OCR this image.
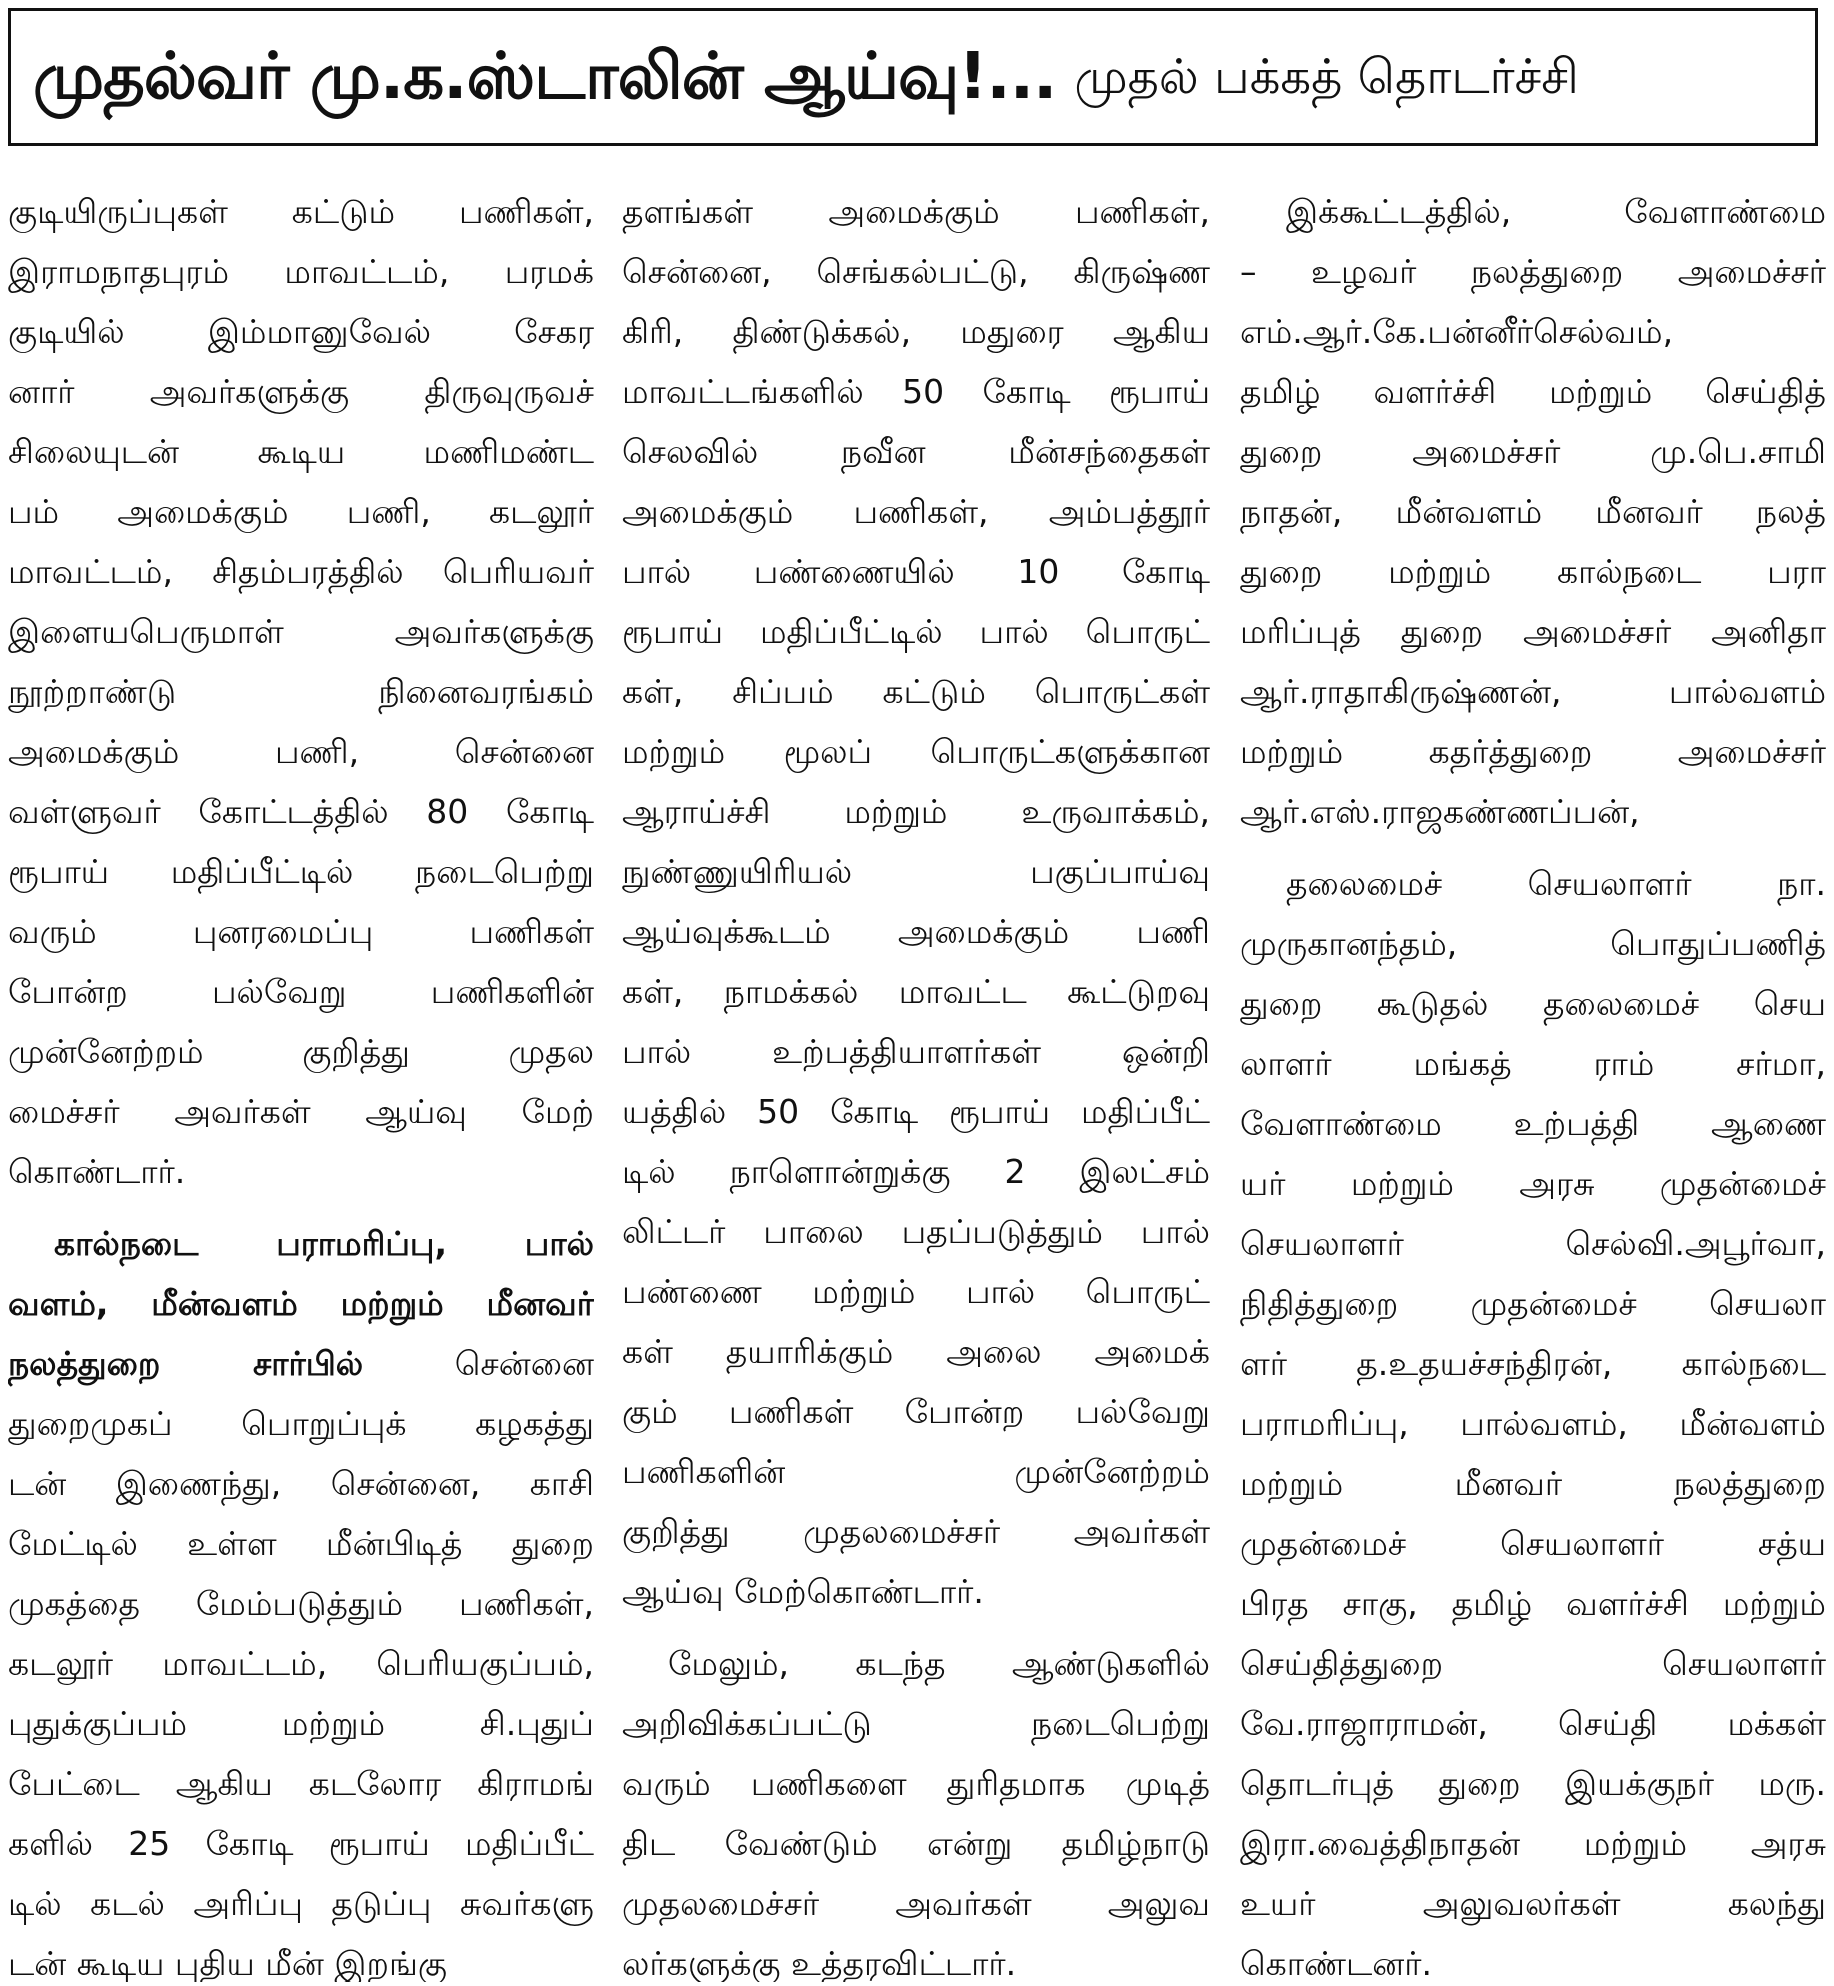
முதல்வர் மு.க.ஸ்டாலின் ஆய்வு!... முதல் பக்கத் தொடர்ச்சி
குடியிருப்புகள் கட்டும் பணிகள்,
இராமநாதபுரம் மாவட்டம், பரமக்
குடியில் இம்மானுவேல் சேகர
னார் அவர்களுக்கு திருவுருவச்
சிலையுடன் கூடிய மணிமண்ட
பம் அமைக்கும் பணி, கடலூர்
மாவட்டம், சிதம்பரத்தில் பெரியவர்
இளையபெருமாள் அவர்களுக்கு
நூற்றாண்டு நினைவரங்கம்
அமைக்கும் பணி, சென்னை
வள்ளுவர் கோட்டத்தில் 80 கோடி
ரூபாய் மதிப்பீட்டில் நடைபெற்று
வரும் புனரமைப்பு பணிகள்
போன்ற பல்வேறு பணிகளின்
முன்னேற்றம் குறித்து முதல
மைச்சர் அவர்கள் ஆய்வு மேற்
கொண்டார்.
கால்நடை பராமரிப்பு, பால்
வளம், மீன்வளம் மற்றும் மீனவர்
நலத்துறை சார்பில் சென்னை
துறைமுகப் பொறுப்புக் கழகத்து
டன் இணைந்து, சென்னை, காசி
மேட்டில் உள்ள மீன்பிடித் துறை
முகத்தை மேம்படுத்தும் பணிகள்,
கடலூர் மாவட்டம், பெரியகுப்பம்,
புதுக்குப்பம் மற்றும் சி.புதுப்
பேட்டை ஆகிய கடலோர கிராமங்
களில் 25 கோடி ரூபாய் மதிப்பீட்
டில் கடல் அரிப்பு தடுப்பு சுவர்களு
டன் கூடிய புதிய மீன் இறங்கு
தளங்கள் அமைக்கும் பணிகள்,
சென்னை, செங்கல்பட்டு, கிருஷ்ண
கிரி, திண்டுக்கல், மதுரை ஆகிய
மாவட்டங்களில் 50 கோடி ரூபாய்
செலவில் நவீன மீன்சந்தைகள்
அமைக்கும் பணிகள், அம்பத்தூர்
பால் பண்ணையில் 10 கோடி
ரூபாய் மதிப்பீட்டில் பால் பொருட்
கள், சிப்பம் கட்டும் பொருட்கள்
மற்றும் மூலப் பொருட்களுக்கான
ஆராய்ச்சி மற்றும் உருவாக்கம்,
நுண்ணுயிரியல் பகுப்பாய்வு
ஆய்வுக்கூடம் அமைக்கும் பணி
கள், நாமக்கல் மாவட்ட கூட்டுறவு
பால் உற்பத்தியாளர்கள் ஒன்றி
யத்தில் 50 கோடி ரூபாய் மதிப்பீட்
டில் நாளொன்றுக்கு 2 இலட்சம்
லிட்டர் பாலை பதப்படுத்தும் பால்
பண்ணை மற்றும் பால் பொருட்
கள் தயாரிக்கும் அலை அமைக்
கும் பணிகள் போன்ற பல்வேறு
பணிகளின் முன்னேற்றம்
குறித்து முதலமைச்சர் அவர்கள்
ஆய்வு மேற்கொண்டார்.
மேலும், கடந்த ஆண்டுகளில்
அறிவிக்கப்பட்டு நடைபெற்று
வரும் பணிகளை துரிதமாக முடித்
திட வேண்டும் என்று தமிழ்நாடு
முதலமைச்சர் அவர்கள் அலுவ
லர்களுக்கு உத்தரவிட்டார்.
இக்கூட்டத்தில், வேளாண்மை
– உழவர் நலத்துறை அமைச்சர்
எம்.ஆர்.கே.பன்னீர்செல்வம்,
தமிழ் வளர்ச்சி மற்றும் செய்தித்
துறை அமைச்சர் மு.பெ.சாமி
நாதன், மீன்வளம் மீனவர் நலத்
துறை மற்றும் கால்நடை பரா
மரிப்புத் துறை அமைச்சர் அனிதா
ஆர்.ராதாகிருஷ்ணன், பால்வளம்
மற்றும் கதர்த்துறை அமைச்சர்
ஆர்.எஸ்.ராஜகண்ணப்பன்,
தலைமைச் செயலாளர் நா.
முருகானந்தம், பொதுப்பணித்
துறை கூடுதல் தலைமைச் செய
லாளர் மங்கத் ராம் சர்மா,
வேளாண்மை உற்பத்தி ஆணை
யர் மற்றும் அரசு முதன்மைச்
செயலாளர் செல்வி.அபூர்வா,
நிதித்துறை முதன்மைச் செயலா
ளர் த.உதயச்சந்திரன், கால்நடை
பராமரிப்பு, பால்வளம், மீன்வளம்
மற்றும் மீனவர் நலத்துறை
முதன்மைச் செயலாளர் சத்ய
பிரத சாகு, தமிழ் வளர்ச்சி மற்றும்
செய்தித்துறை செயலாளர்
வே.ராஜாராமன், செய்தி மக்கள்
தொடர்புத் துறை இயக்குநர் மரு.
இரா.வைத்திநாதன் மற்றும் அரசு
உயர் அலுவலர்கள் கலந்து
கொண்டனர்.
